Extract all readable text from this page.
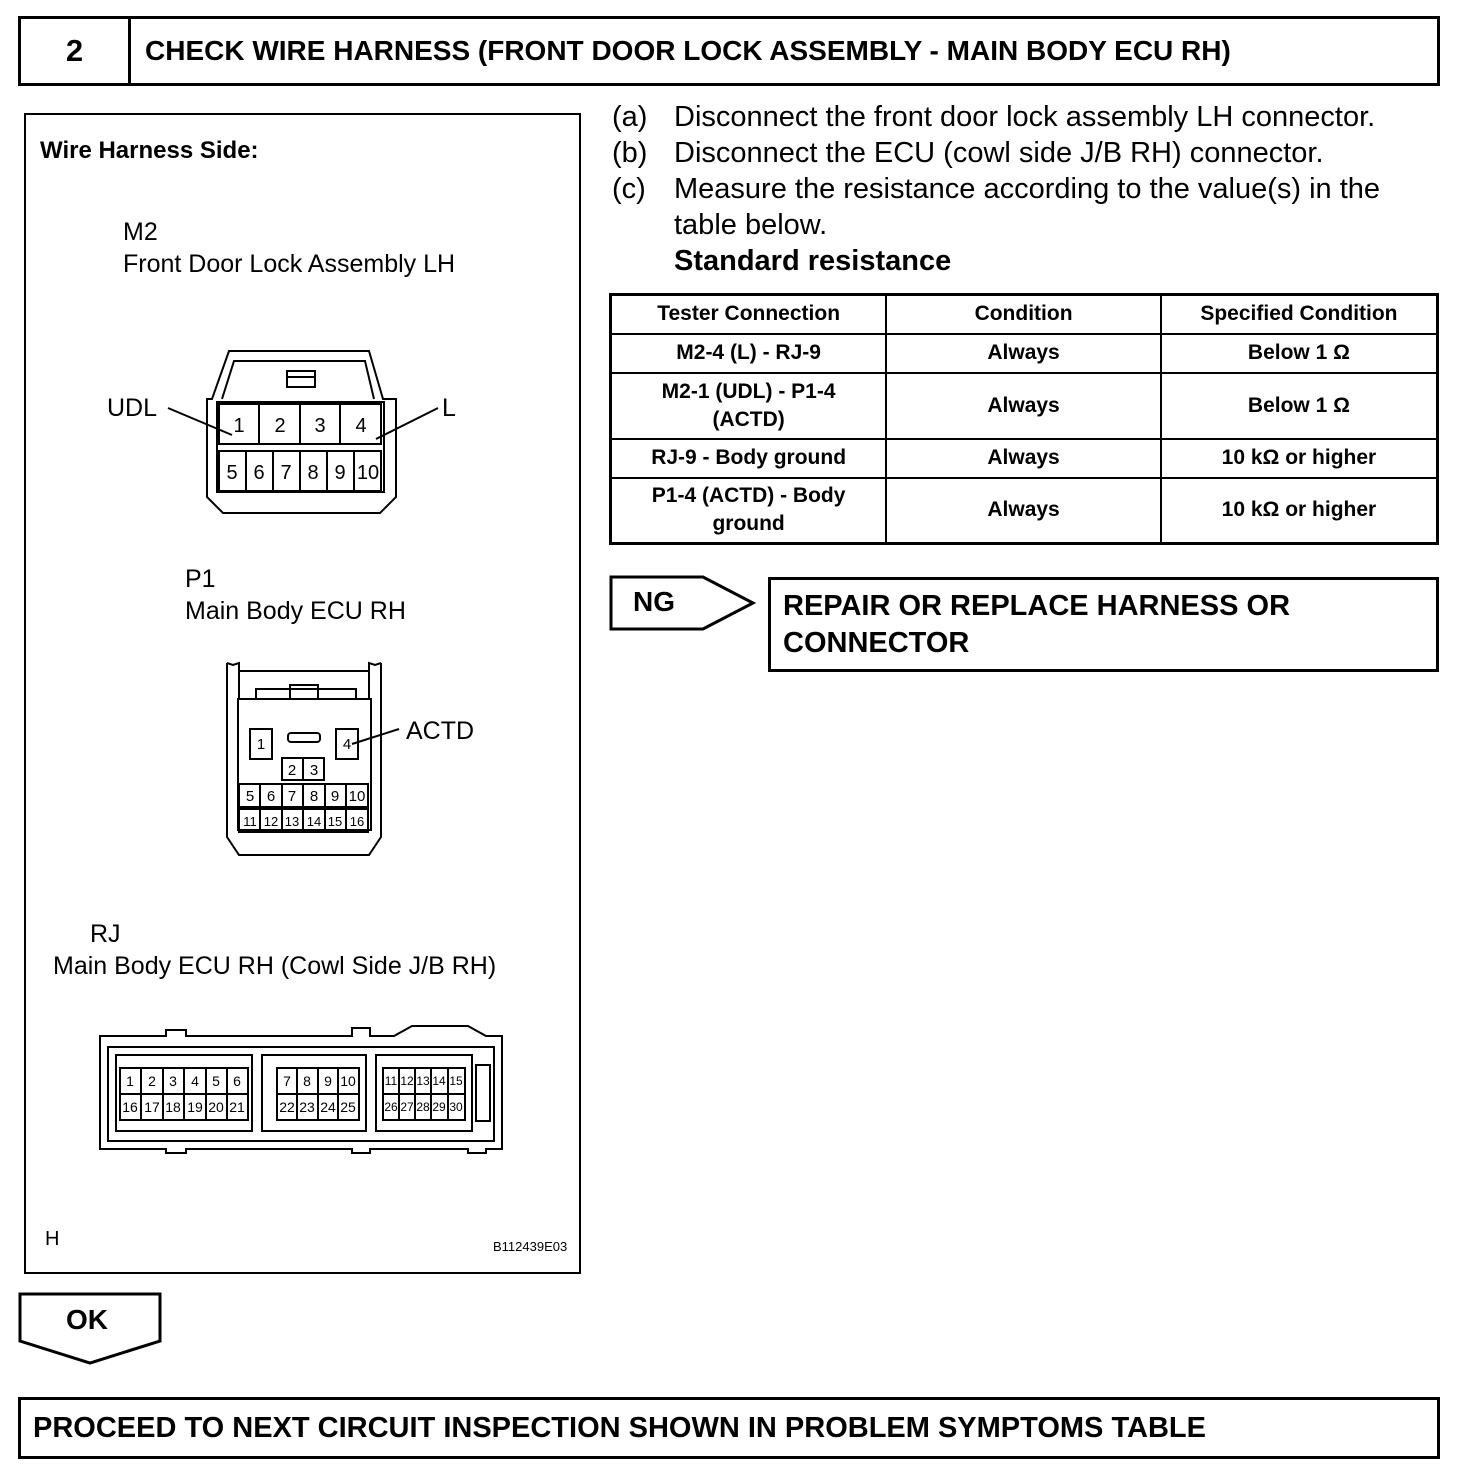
2	CHECK WIRE HARNESS (FRONT DOOR LOCK ASSEMBLY - MAIN BODY ECU RH)
Wire Harness Side:
M2
Front Door Lock Assembly LH
P1
Main Body ECU RH
RJ
Main Body ECU RH (Cowl Side J/B RH)
H	B112439E03
1 2 3 4
5 6 7 8 9 10
UDL	L
1	4
2 3
5 6 7 8 9 10
11 12 13 14 15 16
ACTD
1 2 3 4 5 6
16 17 18 19 20 21
7 8 9 10
22 23 24 25
11 12 13 14 15
26 27 28 29 30
(a) Disconnect the front door lock assembly LH connector.
(b) Disconnect the ECU (cowl side J/B RH) connector.
(c) Measure the resistance according to the value(s) in the
table below.
Standard resistance
Tester Connection	Condition	Specified Condition
M2-4 (L) - RJ-9	Always	Below 1 Ω

M2-1 (UDL) - P1-4 (ACTD)	Always	Below 1 Ω
RJ-9 - Body ground	Always	10 kΩ or higher

P1-4 (ACTD) - Body ground	Always	10 kΩ or higher
NG	REPAIR OR REPLACE HARNESS OR
CONNECTOR
OK
PROCEED TO NEXT CIRCUIT INSPECTION SHOWN IN PROBLEM SYMPTOMS TABLE
